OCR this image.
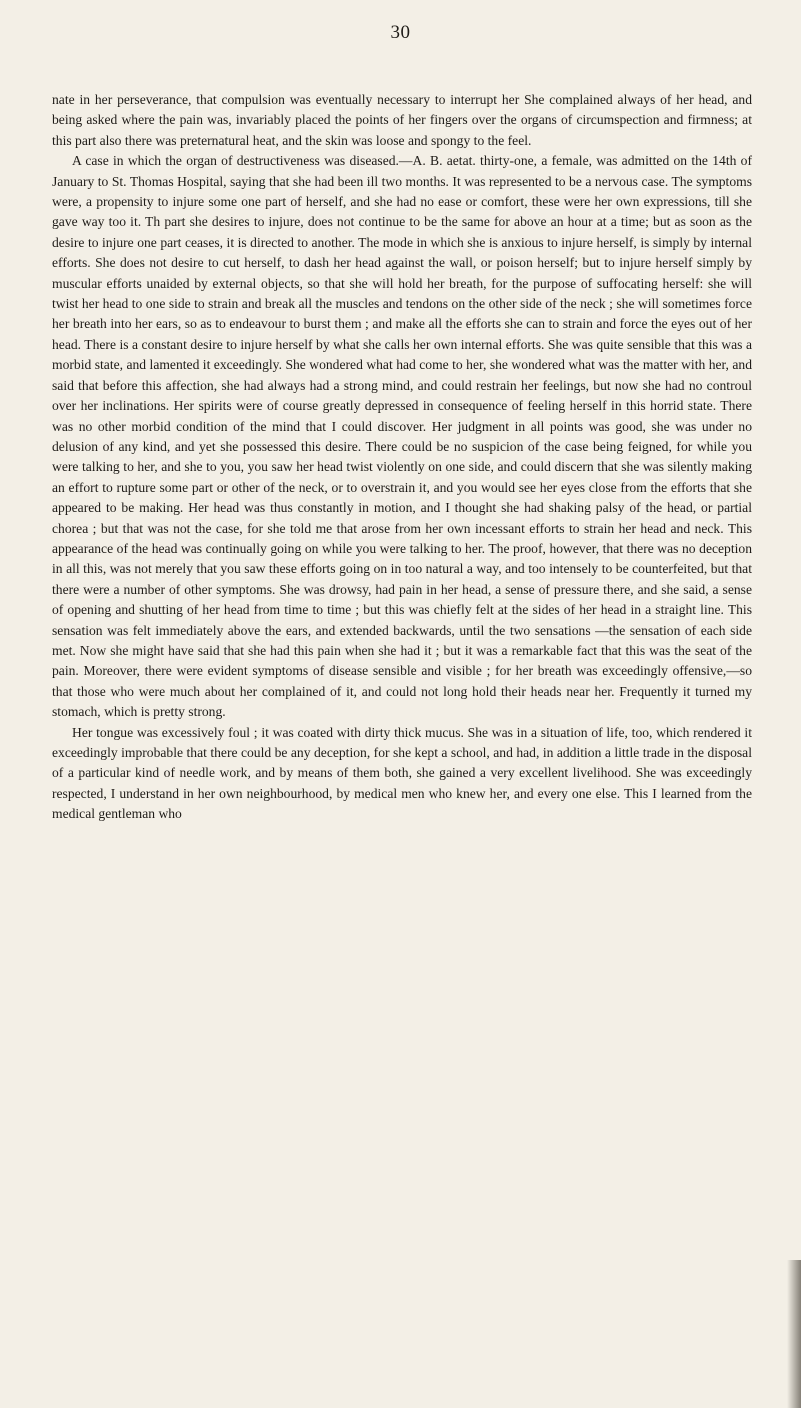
30

nate in her perseverance, that compulsion was eventually necessary to interrupt her She complained always of her head, and being asked where the pain was, invariably placed the points of her fingers over the organs of circumspection and firmness; at this part also there was preternatural heat, and the skin was loose and spongy to the feel.

A case in which the organ of destructiveness was diseased.—A. B. aetat. thirty-one, a female, was admitted on the 14th of January to St. Thomas Hospital, saying that she had been ill two months. It was represented to be a nervous case. The symptoms were, a propensity to injure some one part of herself, and she had no ease or comfort, these were her own expressions, till she gave way too it. Th part she desires to injure, does not continue to be the same for above an hour at a time; but as soon as the desire to injure one part ceases, it is directed to another. The mode in which she is anxious to injure herself, is simply by internal efforts. She does not desire to cut herself, to dash her head against the wall, or poison herself; but to injure herself simply by muscular efforts unaided by external objects, so that she will hold her breath, for the purpose of suffocating herself: she will twist her head to one side to strain and break all the muscles and tendons on the other side of the neck ; she will sometimes force her breath into her ears, so as to endeavour to burst them ; and make all the efforts she can to strain and force the eyes out of her head. There is a constant desire to injure herself by what she calls her own internal efforts. She was quite sensible that this was a morbid state, and lamented it exceedingly. She wondered what had come to her, she wondered what was the matter with her, and said that before this affection, she had always had a strong mind, and could restrain her feelings, but now she had no controul over her inclinations. Her spirits were of course greatly depressed in consequence of feeling herself in this horrid state. There was no other morbid condition of the mind that I could discover. Her judgment in all points was good, she was under no delusion of any kind, and yet she possessed this desire. There could be no suspicion of the case being feigned, for while you were talking to her, and she to you, you saw her head twist violently on one side, and could discern that she was silently making an effort to rupture some part or other of the neck, or to overstrain it, and you would see her eyes close from the efforts that she appeared to be making. Her head was thus constantly in motion, and I thought she had shaking palsy of the head, or partial chorea ; but that was not the case, for she told me that arose from her own incessant efforts to strain her head and neck. This appearance of the head was continually going on while you were talking to her. The proof, however, that there was no deception in all this, was not merely that you saw these efforts going on in too natural a way, and too intensely to be counterfeited, but that there were a number of other symptoms. She was drowsy, had pain in her head, a sense of pressure there, and she said, a sense of opening and shutting of her head from time to time ; but this was chiefly felt at the sides of her head in a straight line. This sensation was felt immediately above the ears, and extended backwards, until the two sensations —the sensation of each side met. Now she might have said that she had this pain when she had it ; but it was a remarkable fact that this was the seat of the pain. Moreover, there were evident symptoms of disease sensible and visible ; for her breath was exceedingly offensive,—so that those who were much about her complained of it, and could not long hold their heads near her. Frequently it turned my stomach, which is pretty strong.

Her tongue was excessively foul ; it was coated with dirty thick mucus. She was in a situation of life, too, which rendered it exceedingly improbable that there could be any deception, for she kept a school, and had, in addition a little trade in the disposal of a particular kind of needle work, and by means of them both, she gained a very excellent livelihood. She was exceedingly respected, I understand in her own neighbourhood, by medical men who knew her, and every one else. This I learned from the medical gentleman who
